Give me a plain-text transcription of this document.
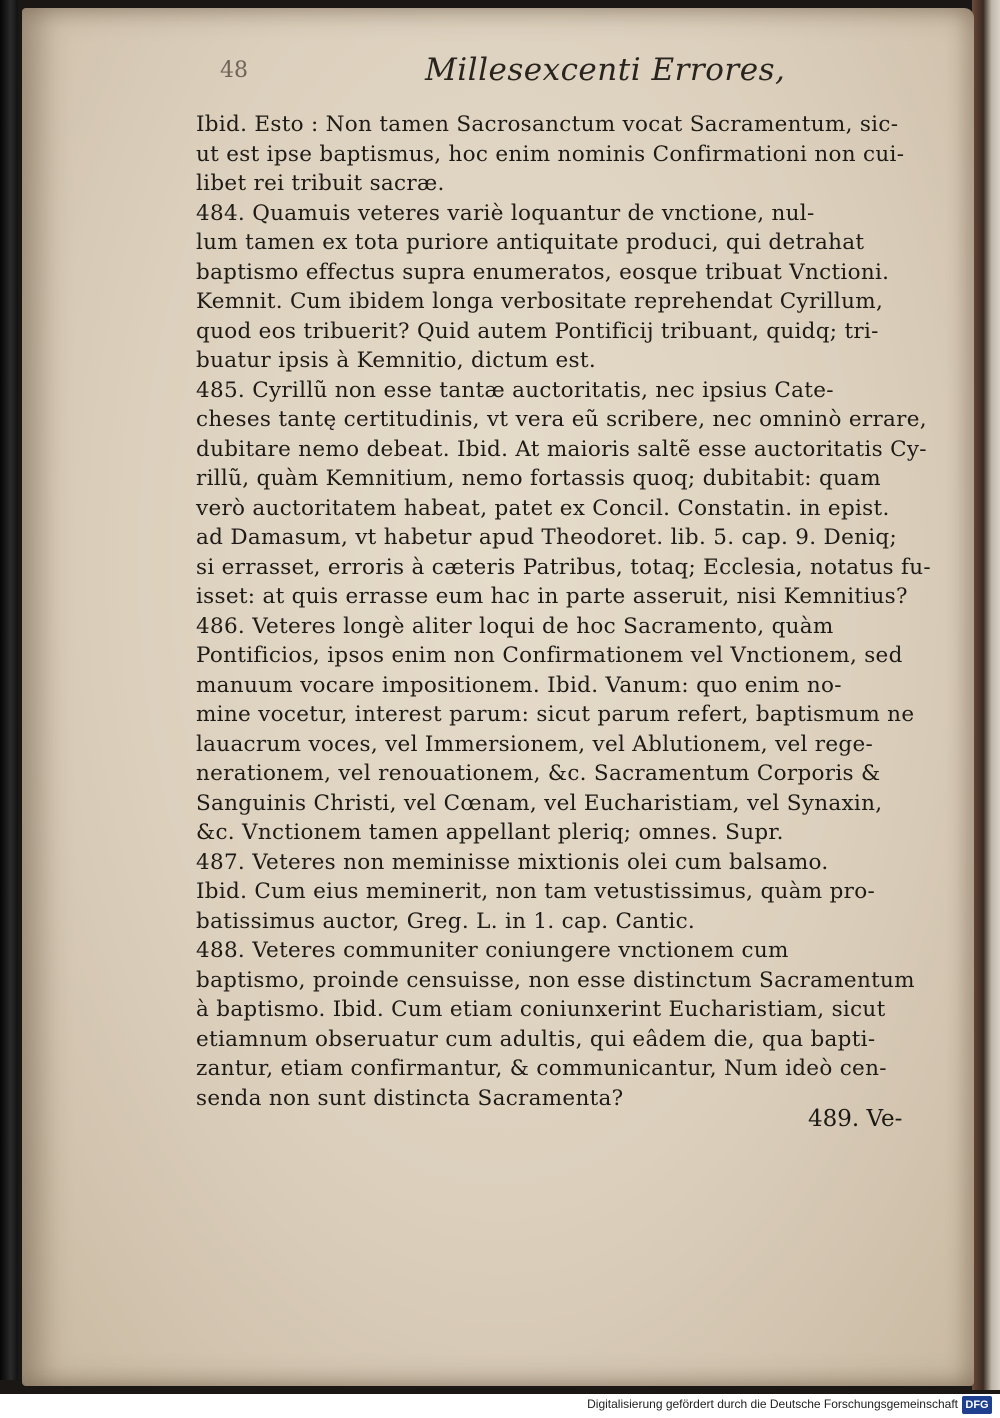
48	Millesexcenti Errores,
Ibid. Esto : Non tamen Sacrosanctum vocat Sacramentum, sic-
ut est ipse baptismus, hoc enim nominis Confirmationi non cui-
libet rei tribuit sacræ.
484. Quamuis veteres variè loquantur de vnctione, nul-
lum tamen ex tota puriore antiquitate produci, qui detrahat
baptismo effectus supra enumeratos, eosque tribuat Vnctioni.
Kemnit. Cum ibidem longa verbositate reprehendat Cyrillum,
quod eos tribuerit? Quid autem Pontificij tribuant, quidq; tri-
buatur ipsis à Kemnitio, dictum est.
485. Cyrillũ non esse tantæ auctoritatis, nec ipsius Cate-
cheses tantę certitudinis, vt vera eũ scribere, nec omninò errare,
dubitare nemo debeat. Ibid. At maioris saltẽ esse auctoritatis Cy-
rillũ, quàm Kemnitium, nemo fortassis quoq; dubitabit: quam
verò auctoritatem habeat, patet ex Concil. Constatin. in epist.
ad Damasum, vt habetur apud Theodoret. lib. 5. cap. 9. Deniq;
si errasset, erroris à cæteris Patribus, totaq; Ecclesia, notatus fu-
isset: at quis errasse eum hac in parte asseruit, nisi Kemnitius?
486. Veteres longè aliter loqui de hoc Sacramento, quàm
Pontificios, ipsos enim non Confirmationem vel Vnctionem, sed
manuum vocare impositionem. Ibid. Vanum: quo enim no-
mine vocetur, interest parum: sicut parum refert, baptismum ne
lauacrum voces, vel Immersionem, vel Ablutionem, vel rege-
nerationem, vel renouationem, &c. Sacramentum Corporis &
Sanguinis Christi, vel Cœnam, vel Eucharistiam, vel Synaxin,
&c. Vnctionem tamen appellant pleriq; omnes. Supr.
487. Veteres non meminisse mixtionis olei cum balsamo.
Ibid. Cum eius meminerit, non tam vetustissimus, quàm pro-
batissimus auctor, Greg. L. in 1. cap. Cantic.
488. Veteres communiter coniungere vnctionem cum
baptismo, proinde censuisse, non esse distinctum Sacramentum
à baptismo. Ibid. Cum etiam coniunxerint Eucharistiam, sicut
etiamnum obseruatur cum adultis, qui eâdem die, qua bapti-
zantur, etiam confirmantur, & communicantur, Num ideò cen-
senda non sunt distincta Sacramenta?
489. Ve-
Digitalisierung gefördert durch die Deutsche Forschungsgemeinschaft DFG
